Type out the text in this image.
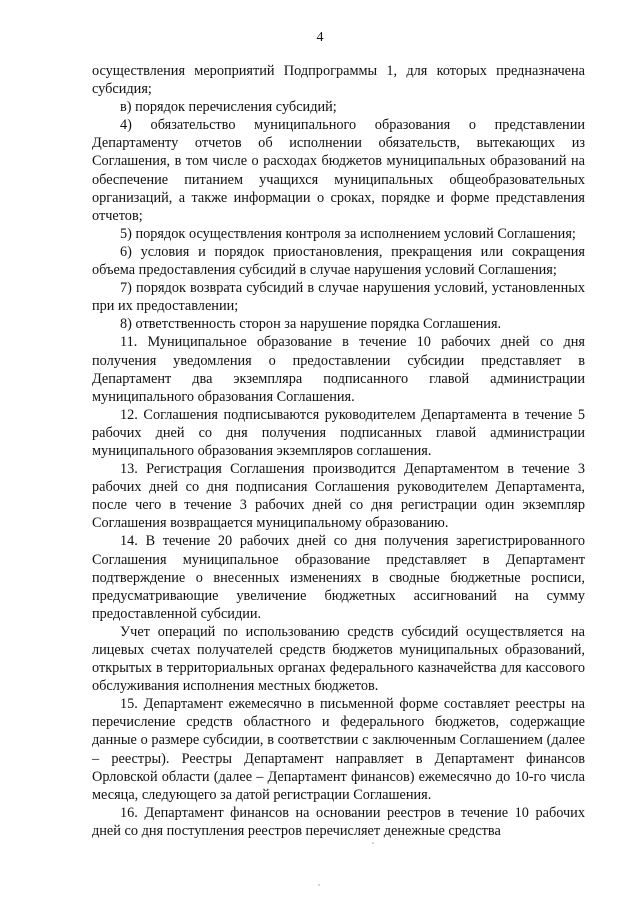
4

осуществления мероприятий Подпрограммы 1, для которых предназначена субсидия;

в) порядок перечисления субсидий;

4) обязательство муниципального образования о представлении Департаменту отчетов об исполнении обязательств, вытекающих из Соглашения, в том числе о расходах бюджетов муниципальных образований на обеспечение питанием учащихся муниципальных общеобразовательных организаций, а также информации о сроках, порядке и форме представления отчетов;

5) порядок осуществления контроля за исполнением условий Соглашения;

6) условия и порядок приостановления, прекращения или сокращения объема предоставления субсидий в случае нарушения условий Соглашения;

7) порядок возврата субсидий в случае нарушения условий, установленных при их предоставлении;

8) ответственность сторон за нарушение порядка Соглашения.

11. Муниципальное образование в течение 10 рабочих дней со дня получения уведомления о предоставлении субсидии представляет в Департамент два экземпляра подписанного главой администрации муниципального образования Соглашения.

12. Соглашения подписываются руководителем Департамента в течение 5 рабочих дней со дня получения подписанных главой администрации муниципального образования экземпляров соглашения.

13. Регистрация Соглашения производится Департаментом в течение 3 рабочих дней со дня подписания Соглашения руководителем Департамента, после чего в течение 3 рабочих дней со дня регистрации один экземпляр Соглашения возвращается муниципальному образованию.

14. В течение 20 рабочих дней со дня получения зарегистрированного Соглашения муниципальное образование представляет в Департамент подтверждение о внесенных изменениях в сводные бюджетные росписи, предусматривающие увеличение бюджетных ассигнований на сумму предоставленной субсидии.

Учет операций по использованию средств субсидий осуществляется на лицевых счетах получателей средств бюджетов муниципальных образований, открытых в территориальных органах федерального казначейства для кассового обслуживания исполнения местных бюджетов.

15. Департамент ежемесячно в письменной форме составляет реестры на перечисление средств областного и федерального бюджетов, содержащие данные о размере субсидии, в соответствии с заключенным Соглашением (далее – реестры). Реестры Департамент направляет в Департамент финансов Орловской области (далее – Департамент финансов) ежемесячно до 10-го числа месяца, следующего за датой регистрации Соглашения.

16. Департамент финансов на основании реестров в течение 10 рабочих дней со дня поступления реестров перечисляет денежные средства
